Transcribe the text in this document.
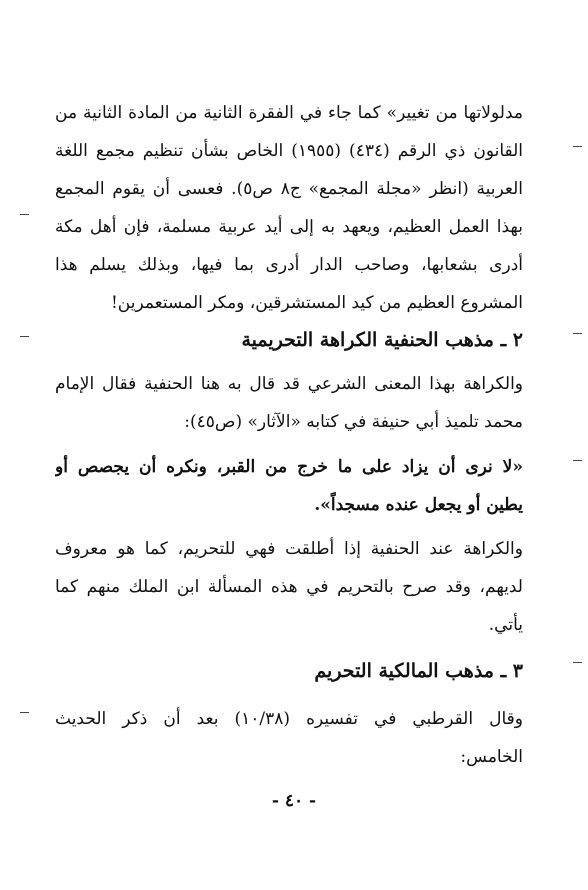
مدلولاتها من تغيير» كما جاء في الفقرة الثانية من المادة الثانية من
القانون ذي الرقم (٤٣٤) (١٩٥٥) الخاص بشأن تنظيم مجمع اللغة
العربية (انظر «مجلة المجمع» ج٨ ص٥). فعسى أن يقوم المجمع
بهذا العمل العظيم، ويعهد به إلى أيد عربية مسلمة، فإن أهل مكة
أدرى بشعابها، وصاحب الدار أدرى بما فيها، وبذلك يسلم هذا
المشروع العظيم من كيد المستشرقين، ومكر المستعمرين!
٢ ـ مذهب الحنفية الكراهة التحريمية
والكراهة بهذا المعنى الشرعي قد قال به هنا الحنفية فقال الإمام
محمد تلميذ أبي حنيفة في كتابه «الآثار» (ص٤٥):
«لا نرى أن يزاد على ما خرج من القبر، ونكره أن يجصص أو
يطين أو يجعل عنده مسجداً».
والكراهة عند الحنفية إذا أطلقت فهي للتحريم، كما هو معروف
لديهم، وقد صرح بالتحريم في هذه المسألة ابن الملك منهم كما
يأتي.
٣ ـ مذهب المالكية التحريم
وقال القرطبي في تفسيره (١٠/٣٨) بعد أن ذكر الحديث
الخامس:
- ٤٠ -
